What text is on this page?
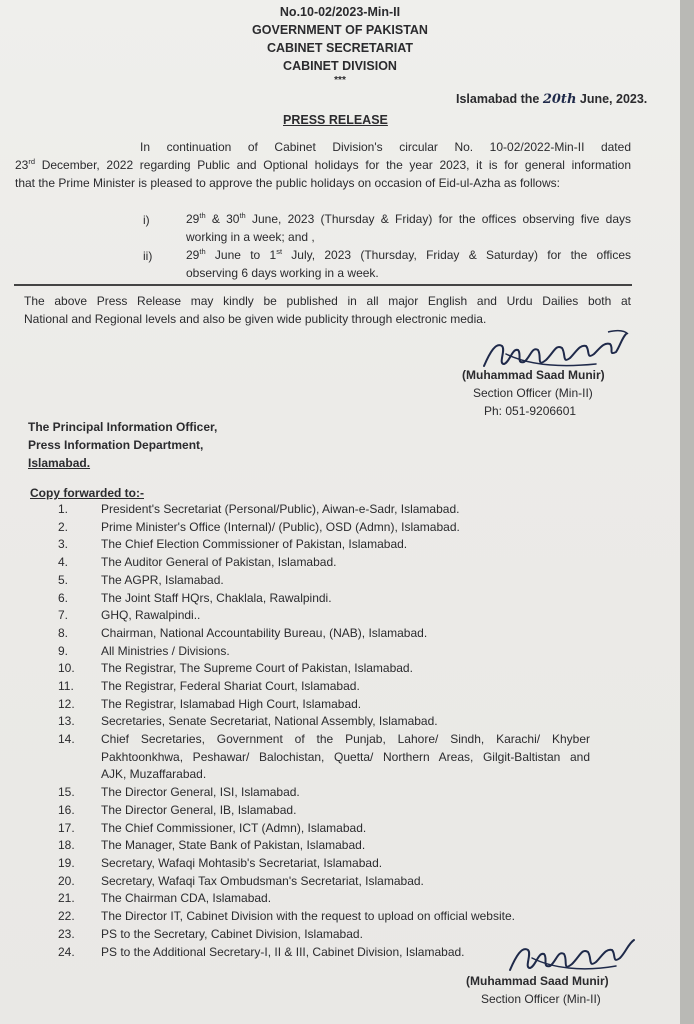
No.10-02/2023-Min-II
GOVERNMENT OF PAKISTAN
CABINET SECRETARIAT
CABINET DIVISION
***
Islamabad the 20th June, 2023.
PRESS RELEASE
In continuation of Cabinet Division's circular No. 10-02/2022-Min-II dated
23rd December, 2022 regarding Public and Optional holidays for the year 2023, it is for general information
that the Prime Minister is pleased to approve the public holidays on occasion of Eid-ul-Azha as follows:
i)	29th & 30th June, 2023 (Thursday & Friday) for the offices observing five days
working in a week; and ,
ii)	29th June to 1st July, 2023 (Thursday, Friday & Saturday) for the offices
observing 6 days working in a week.
The above Press Release may kindly be published in all major English and Urdu Dailies both at
National and Regional levels and also be given wide publicity through electronic media.
(Muhammad Saad Munir)
Section Officer (Min-II)
Ph: 051-9206601
The Principal Information Officer,
Press Information Department,
Islamabad.
Copy forwarded to:-
1.	President's Secretariat (Personal/Public), Aiwan-e-Sadr, Islamabad.
2.	Prime Minister's Office (Internal)/ (Public), OSD (Admn), Islamabad.
3.	The Chief Election Commissioner of Pakistan, Islamabad.
4.	The Auditor General of Pakistan, Islamabad.
5.	The AGPR, Islamabad.
6.	The Joint Staff HQrs, Chaklala, Rawalpindi.
7.	GHQ, Rawalpindi..
8.	Chairman, National Accountability Bureau, (NAB), Islamabad.
9.	All Ministries / Divisions.
10.	The Registrar, The Supreme Court of Pakistan, Islamabad.
11.	The Registrar, Federal Shariat Court, Islamabad.
12.	The Registrar, Islamabad High Court, Islamabad.
13.	Secretaries, Senate Secretariat, National Assembly, Islamabad.
14.	Chief Secretaries, Government of the Punjab, Lahore/ Sindh, Karachi/ Khyber
Pakhtoonkhwa, Peshawar/ Balochistan, Quetta/ Northern Areas, Gilgit-Baltistan and
AJK, Muzaffarabad.
15.	The Director General, ISI, Islamabad.
16.	The Director General, IB, Islamabad.
17.	The Chief Commissioner, ICT (Admn), Islamabad.
18.	The Manager, State Bank of Pakistan, Islamabad.
19.	Secretary, Wafaqi Mohtasib's Secretariat, Islamabad.
20.	Secretary, Wafaqi Tax Ombudsman's Secretariat, Islamabad.
21.	The Chairman CDA, Islamabad.
22.	The Director IT, Cabinet Division with the request to upload on official website.
23.	PS to the Secretary, Cabinet Division, Islamabad.
24.	PS to the Additional Secretary-I, II & III, Cabinet Division, Islamabad.
(Muhammad Saad Munir)
Section Officer (Min-II)
